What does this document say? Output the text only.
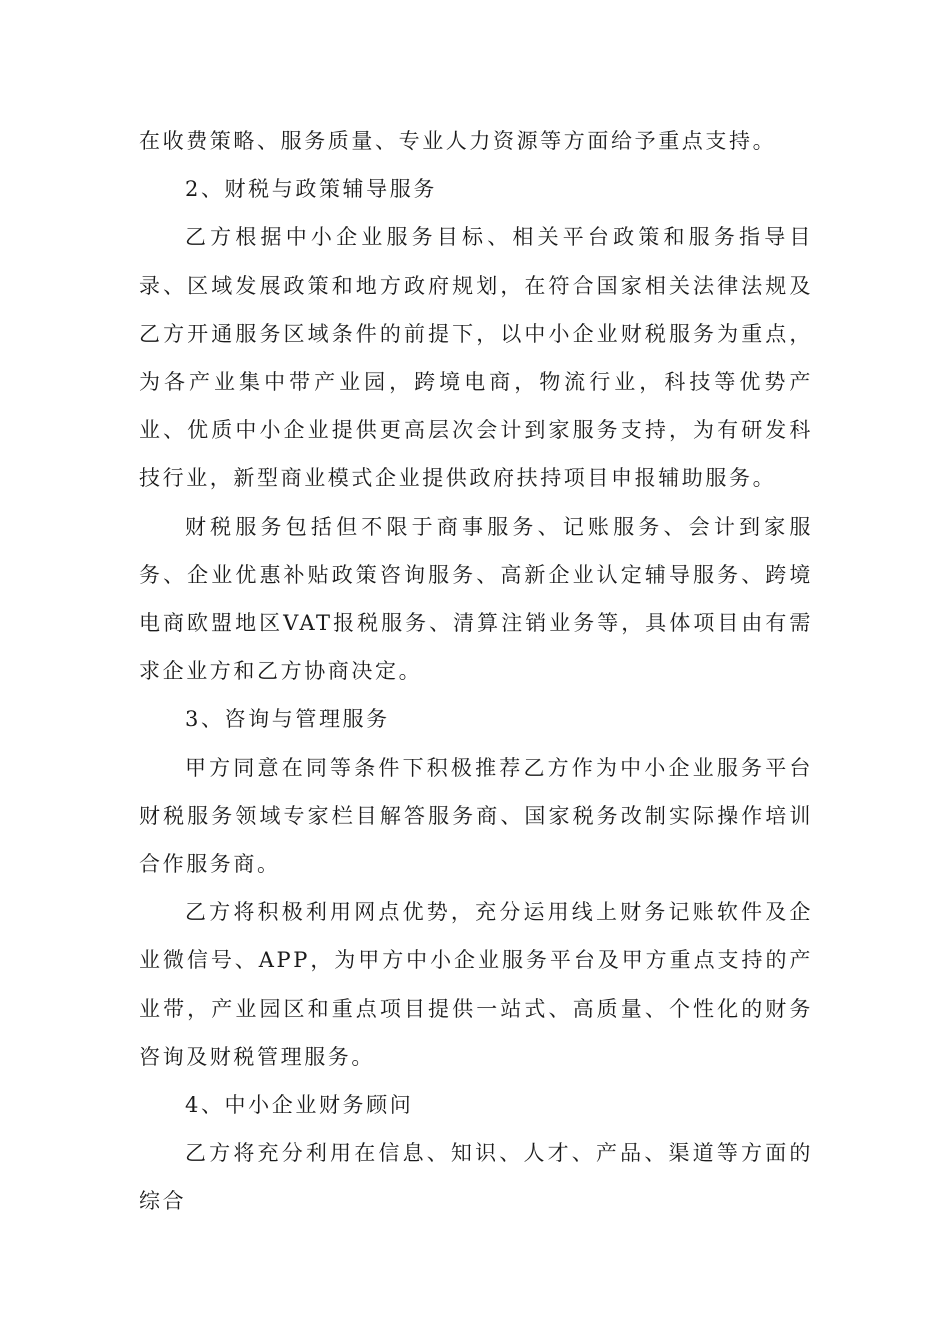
在收费策略、服务质量、专业人力资源等方面给予重点支持。

2、财税与政策辅导服务

乙方根据中小企业服务目标、相关平台政策和服务指导目录、区域发展政策和地方政府规划，在符合国家相关法律法规及乙方开通服务区域条件的前提下，以中小企业财税服务为重点，为各产业集中带产业园，跨境电商，物流行业，科技等优势产业、优质中小企业提供更高层次会计到家服务支持，为有研发科技行业，新型商业模式企业提供政府扶持项目申报辅助服务。

财税服务包括但不限于商事服务、记账服务、会计到家服务、企业优惠补贴政策咨询服务、高新企业认定辅导服务、跨境电商欧盟地区VAT报税服务、清算注销业务等，具体项目由有需求企业方和乙方协商决定。

3、咨询与管理服务

甲方同意在同等条件下积极推荐乙方作为中小企业服务平台财税服务领域专家栏目解答服务商、国家税务改制实际操作培训合作服务商。

乙方将积极利用网点优势，充分运用线上财务记账软件及企业微信号、APP，为甲方中小企业服务平台及甲方重点支持的产业带，产业园区和重点项目提供一站式、高质量、个性化的财务咨询及财税管理服务。

4、中小企业财务顾问

乙方将充分利用在信息、知识、人才、产品、渠道等方面的综合
